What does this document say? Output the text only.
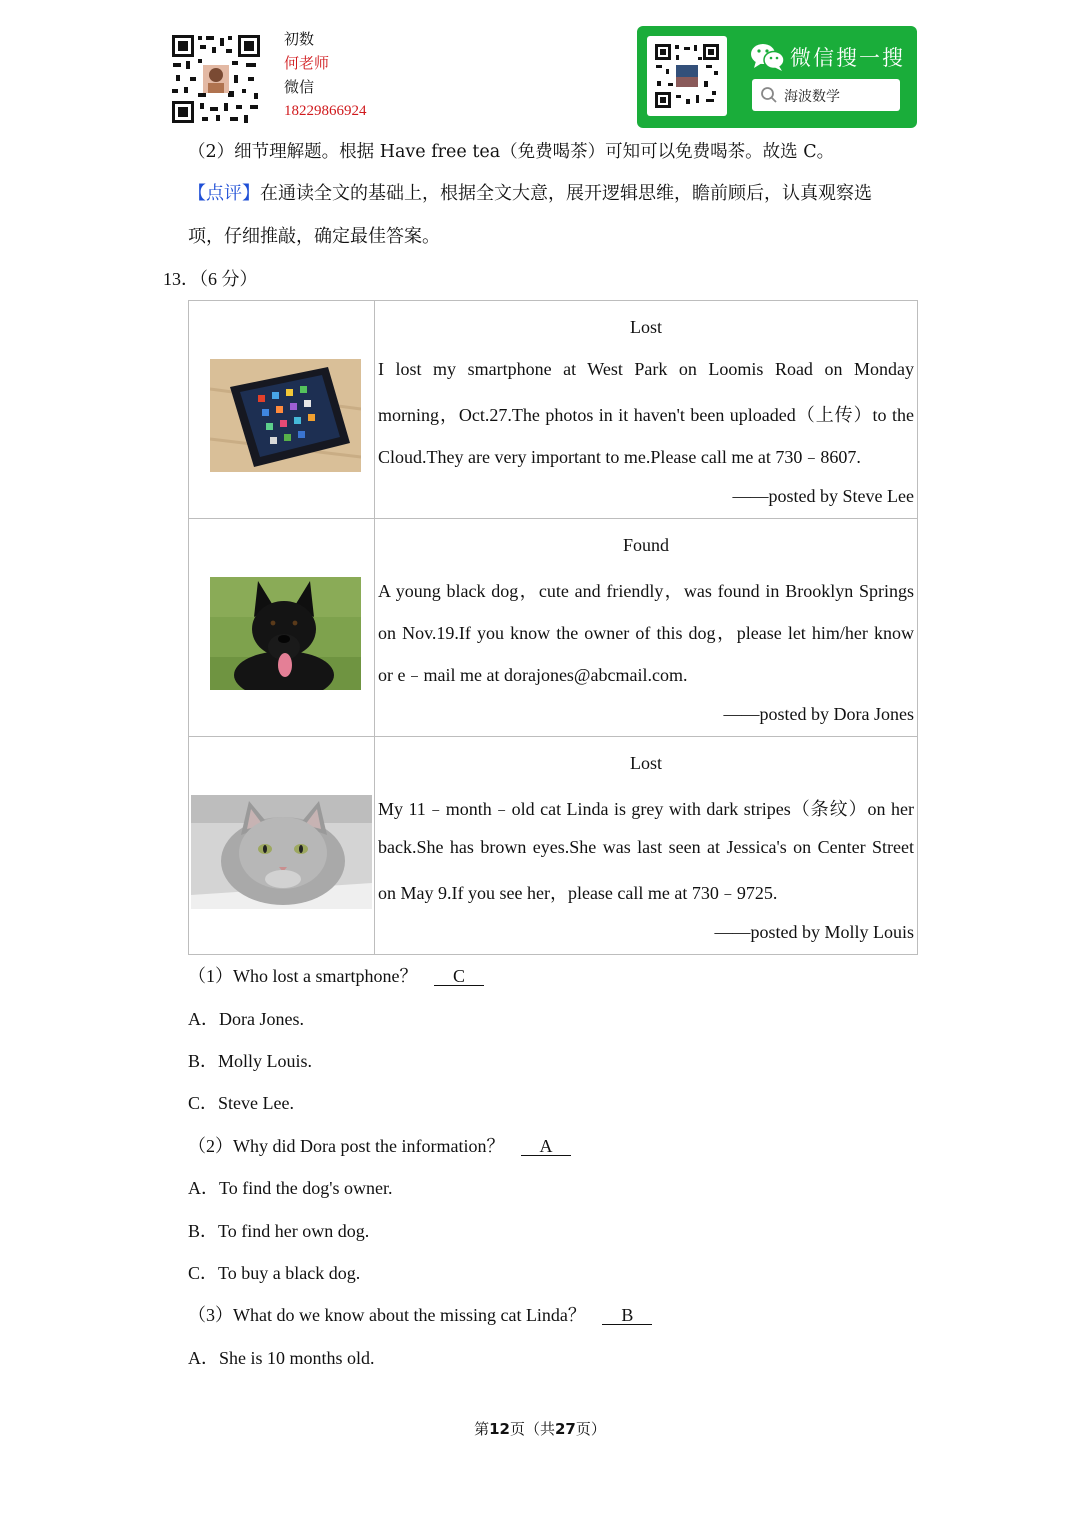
初数
何老师
微信
18229866924
微信搜一搜
海波数学
（2）细节理解题。根据 Have free tea（免费喝茶）可知可以免费喝茶。故选 C。
【点评】在通读全文的基础上，根据全文大意，展开逻辑思维，瞻前顾后，认真观察选
项，仔细推敲，确定最佳答案。
13．（6 分）

Lost
I lost my smartphone at West Park on Loomis Road on Monday
morning，Oct.27.The photos in it haven't been uploaded（上传）to the
Cloud.They are very important to me.Please call me at 730﹣8607.
——posted by Steve Lee

Found
A young black dog，cute and friendly，was found in Brooklyn Springs
on Nov.19.If you know the owner of this dog，please let him/her know
or e﹣mail me at dorajones@abcmail.com.
——posted by Dora Jones

Lost
My 11﹣month﹣old cat Linda is grey with dark stripes（条纹）on her
back.She has brown eyes.She was last seen at Jessica's on Center Street
on May 9.If you see her，please call me at 730﹣9725.
——posted by Molly Louis
（1）Who lost a smartphone？ C
A．Dora Jones.
B．Molly Louis.
C．Steve Lee.
（2）Why did Dora post the information？ A
A．To find the dog's owner.
B．To find her own dog.
C．To buy a black dog.
（3）What do we know about the missing cat Linda？ B
A．She is 10 months old.
第12页（共27页）
